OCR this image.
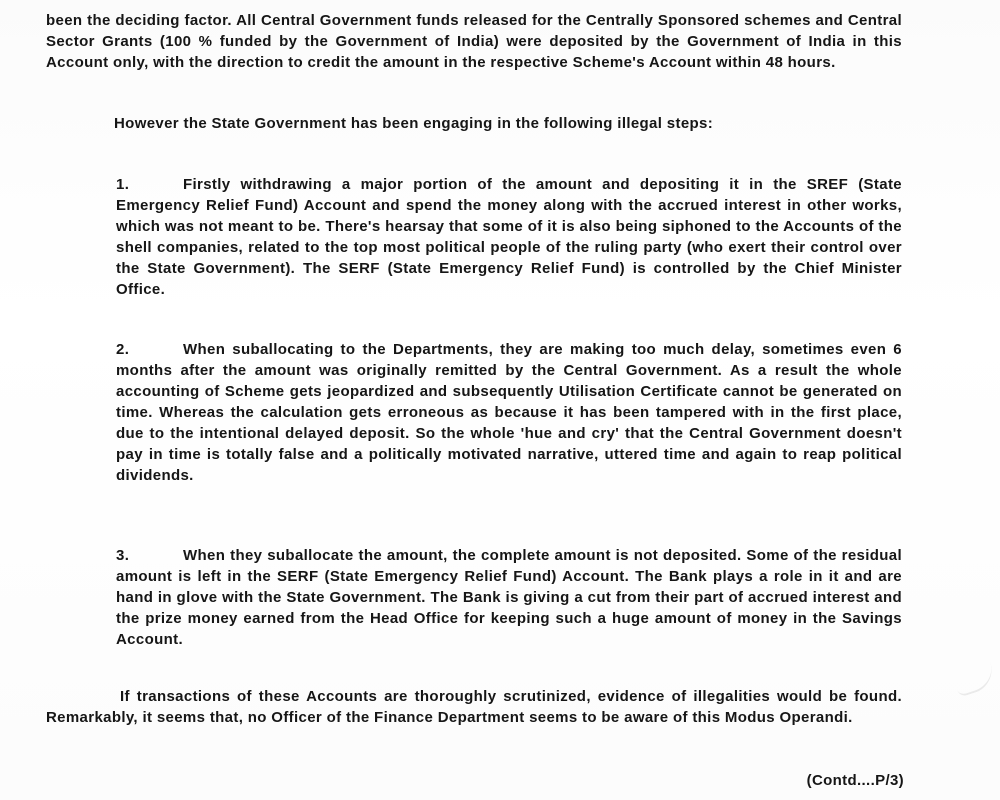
been the deciding factor. All Central Government funds released for the Centrally Sponsored schemes and Central Sector Grants (100 % funded by the Government of India) were deposited by the Government of India in this Account only, with the direction to credit the amount in the respective Scheme's Account within 48 hours.

However the State Government has been engaging in the following illegal steps:

1.	Firstly withdrawing a major portion of the amount and depositing it in the SREF (State Emergency Relief Fund) Account and spend the money along with the accrued interest in other works, which was not meant to be. There's hearsay that some of it is also being siphoned to the Accounts of the shell companies, related to the top most political people of the ruling party (who exert their control over the State Government). The SERF (State Emergency Relief Fund) is controlled by the Chief Minister Office.

2.	When suballocating to the Departments, they are making too much delay, sometimes even 6 months after the amount was originally remitted by the Central Government. As a result the whole accounting of Scheme gets jeopardized and subsequently Utilisation Certificate cannot be generated on time. Whereas the calculation gets erroneous as because it has been tampered with in the first place, due to the intentional delayed deposit. So the whole 'hue and cry' that the Central Government doesn't pay in time is totally false and a politically motivated narrative, uttered time and again to reap political dividends.

3.	When they suballocate the amount, the complete amount is not deposited. Some of the residual amount is left in the SERF (State Emergency Relief Fund) Account. The Bank plays a role in it and are hand in glove with the State Government. The Bank is giving a cut from their part of accrued interest and the prize money earned from the Head Office for keeping such a huge amount of money in the Savings Account.

If transactions of these Accounts are thoroughly scrutinized, evidence of illegalities would be found. Remarkably, it seems that, no Officer of the Finance Department seems to be aware of this Modus Operandi.

(Contd....P/3)
